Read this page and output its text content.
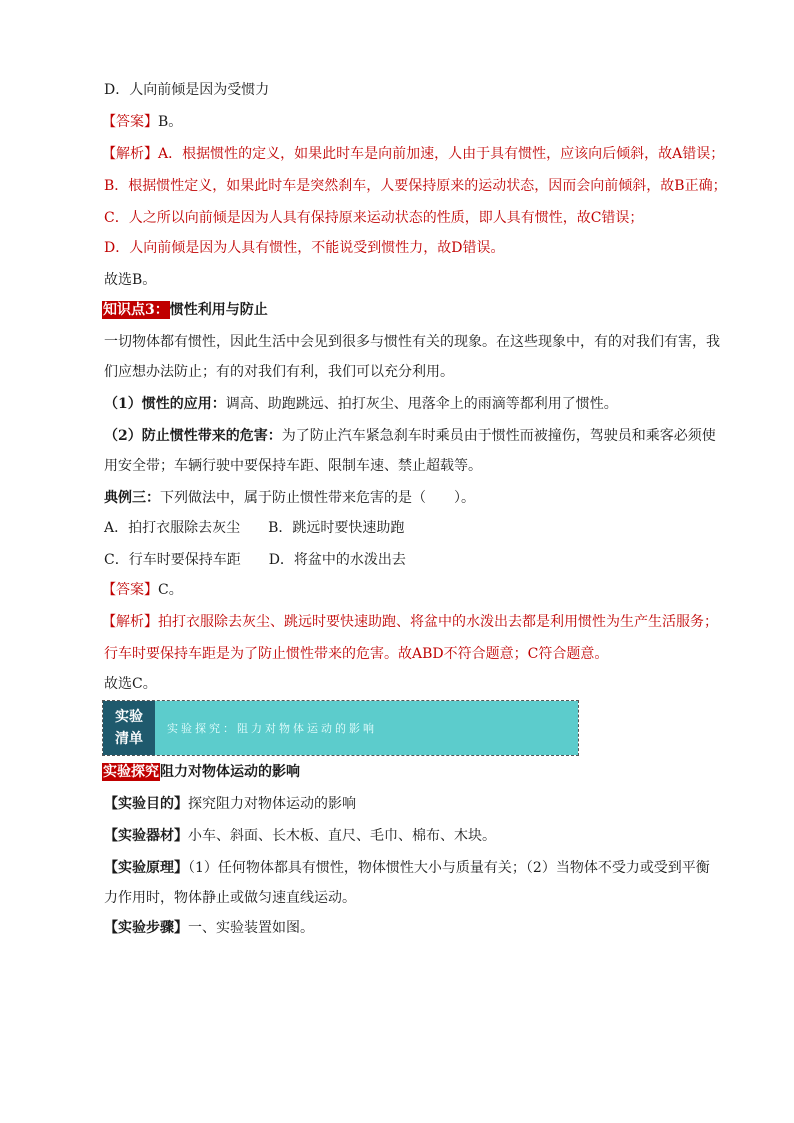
D．人向前倾是因为受惯力
【答案】B。
【解析】A．根据惯性的定义，如果此时车是向前加速，人由于具有惯性，应该向后倾斜，故A错误；
B．根据惯性定义，如果此时车是突然刹车，人要保持原来的运动状态，因而会向前倾斜，故B正确；
C．人之所以向前倾是因为人具有保持原来运动状态的性质，即人具有惯性，故C错误；
D．人向前倾是因为人具有惯性，不能说受到惯性力，故D错误。
故选B。
知识点3：惯性利用与防止
一切物体都有惯性，因此生活中会见到很多与惯性有关的现象。在这些现象中，有的对我们有害，我
们应想办法防止；有的对我们有利，我们可以充分利用。
（1）惯性的应用：调高、助跑跳远、拍打灰尘、甩落伞上的雨滴等都利用了惯性。
（2）防止惯性带来的危害：为了防止汽车紧急刹车时乘员由于惯性而被撞伤，驾驶员和乘客必须使
用安全带；车辆行驶中要保持车距、限制车速、禁止超载等。
典例三：下列做法中，属于防止惯性带来危害的是（　　）。
A．拍打衣服除去灰尘　　B．跳远时要快速助跑
C．行车时要保持车距　　D．将盆中的水泼出去
【答案】C。
【解析】拍打衣服除去灰尘、跳远时要快速助跑、将盆中的水泼出去都是利用惯性为生产生活服务；
行车时要保持车距是为了防止惯性带来的危害。故ABD不符合题意；C符合题意。
故选C。
实验
清单
实验探究：阻力对物体运动的影响
实验探究阻力对物体运动的影响
【实验目的】探究阻力对物体运动的影响
【实验器材】小车、斜面、长木板、直尺、毛巾、棉布、木块。
【实验原理】（1）任何物体都具有惯性，物体惯性大小与质量有关；（2）当物体不受力或受到平衡
力作用时，物体静止或做匀速直线运动。
【实验步骤】一、实验装置如图。
